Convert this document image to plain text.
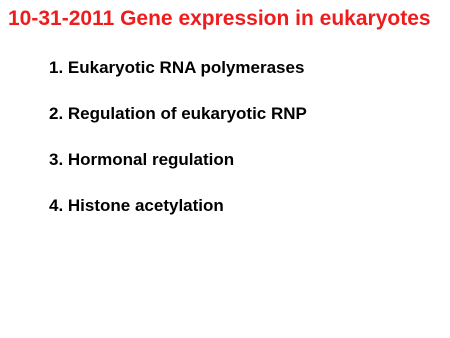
10-31-2011 Gene expression in eukaryotes
1. Eukaryotic RNA polymerases
2. Regulation of eukaryotic RNP
3. Hormonal regulation
4. Histone acetylation
